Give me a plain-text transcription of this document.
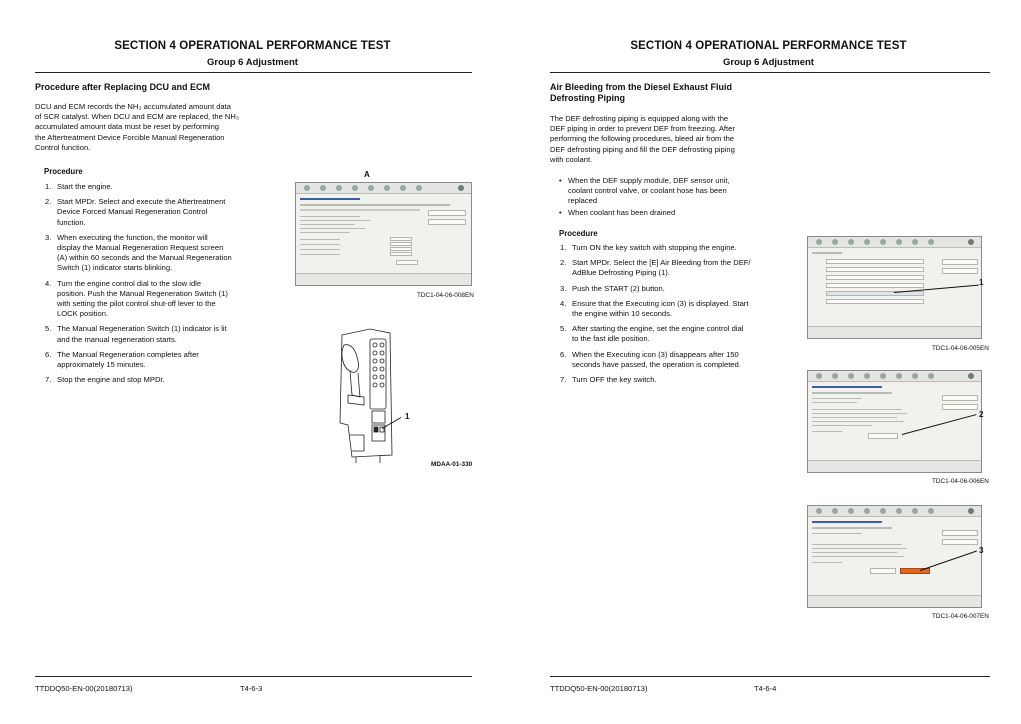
SECTION 4 OPERATIONAL PERFORMANCE TEST
Group 6 Adjustment
Procedure after Replacing DCU and ECM
DCU and ECM records the NH₃ accumulated amount data
of SCR catalyst. When DCU and ECM are replaced, the NH₃
accumulated amount data must be reset by performing
the Aftertreatment Device Forcible Manual Regeneration
Control function.
Procedure
1. Start the engine.
2. Start MPDr. Select and execute the Aftertreatment
Device Forced Manual Regeneration Control
function.
3. When executing the function, the monitor will
display the Manual Regeneration Request screen
(A) within 60 seconds and the Manual Regeneration
Switch (1) indicator starts blinking.
4. Turn the engine control dial to the slow idle
position. Push the Manual Regeneration Switch (1)
with setting the pilot control shut-off lever to the
LOCK position.
5. The Manual Regeneration Switch (1) indicator is lit
and the manual regeneration starts.
6. The Manual Regeneration completes after
approximately 15 minutes.
7. Stop the engine and stop MPDr.
A
TDC1-04-06-008EN
1
MDAA-01-330
TTDDQ50-EN-00(20180713)	T4-6-3
SECTION 4 OPERATIONAL PERFORMANCE TEST
Group 6 Adjustment
Air Bleeding from the Diesel Exhaust Fluid
Defrosting Piping
The DEF defrosting piping is equipped along with the
DEF piping in order to prevent DEF from freezing. After
performing the following procedures, bleed air from the
DEF defrosting piping and fill the DEF defrosting piping
with coolant.
• When the DEF supply module, DEF sensor unit,
coolant control valve, or coolant hose has been
replaced
• When coolant has been drained
Procedure
1. Turn ON the key switch with stopping the engine.
2. Start MPDr. Select the [E] Air Bleeding from the DEF/
AdBlue Defrosting Piping (1).
3. Push the START (2) button.
4. Ensure that the Executing icon (3) is displayed. Start
the engine within 10 seconds.
5. After starting the engine, set the engine control dial
to the fast idle position.
6. When the Executing icon (3) disappears after 150
seconds have passed, the operation is completed.
7. Turn OFF the key switch.
1
TDC1-04-06-005EN
2
TDC1-04-06-006EN
3
TDC1-04-06-007EN
TTDDQ50-EN-00(20180713)	T4-6-4
